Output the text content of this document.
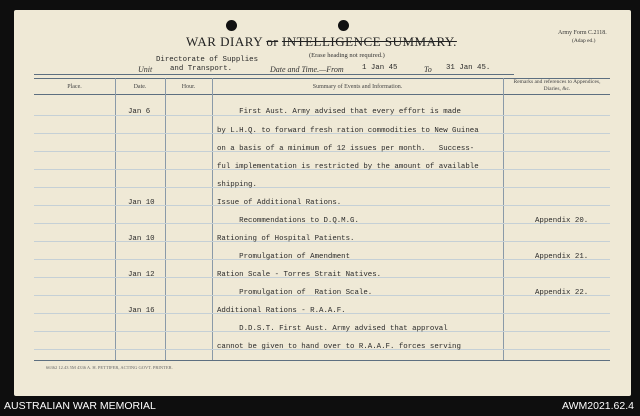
WAR DIARY or INTELLIGENCE SUMMARY.
(Erase heading not required.)
Army Form C.2118.
(Adap ed.)
Directorate of Supplies
Unit and Transport.	Date and Time.—From 1 Jan 45	To 31 Jan 45.
Place.	Date.	Hour.	Summary of Events and Information.
Remarks and references to Appendices, Diaries, &c.
Jan 6	First Aust. Army advised that every effort is made
by L.H.Q. to forward fresh ration commodities to New Guinea
on a basis of a minimum of 12 issues per month.   Success-
ful implementation is restricted by the amount of available
shipping.
Jan 10	Issue of Additional Rations.
Recommendations to D.Q.M.G.	Appendix 20.
Jan 10	Rationing of Hospital Patients.
Promulgation of Amendment	Appendix 21.
Jan 12	Ration Scale - Torres Strait Natives.
Promulgation of  Ration Scale.	Appendix 22.
Jan 16	Additional Rations - R.A.A.F.
D.D.S.T. First Aust. Army advised that approval
cannot be given to hand over to R.A.A.F. forces serving
66362 12.43 5M 4336 A. H. PETTIFER, ACTING GOVT. PRINTER.
AUSTRALIAN WAR MEMORIAL	AWM2021.62.4
